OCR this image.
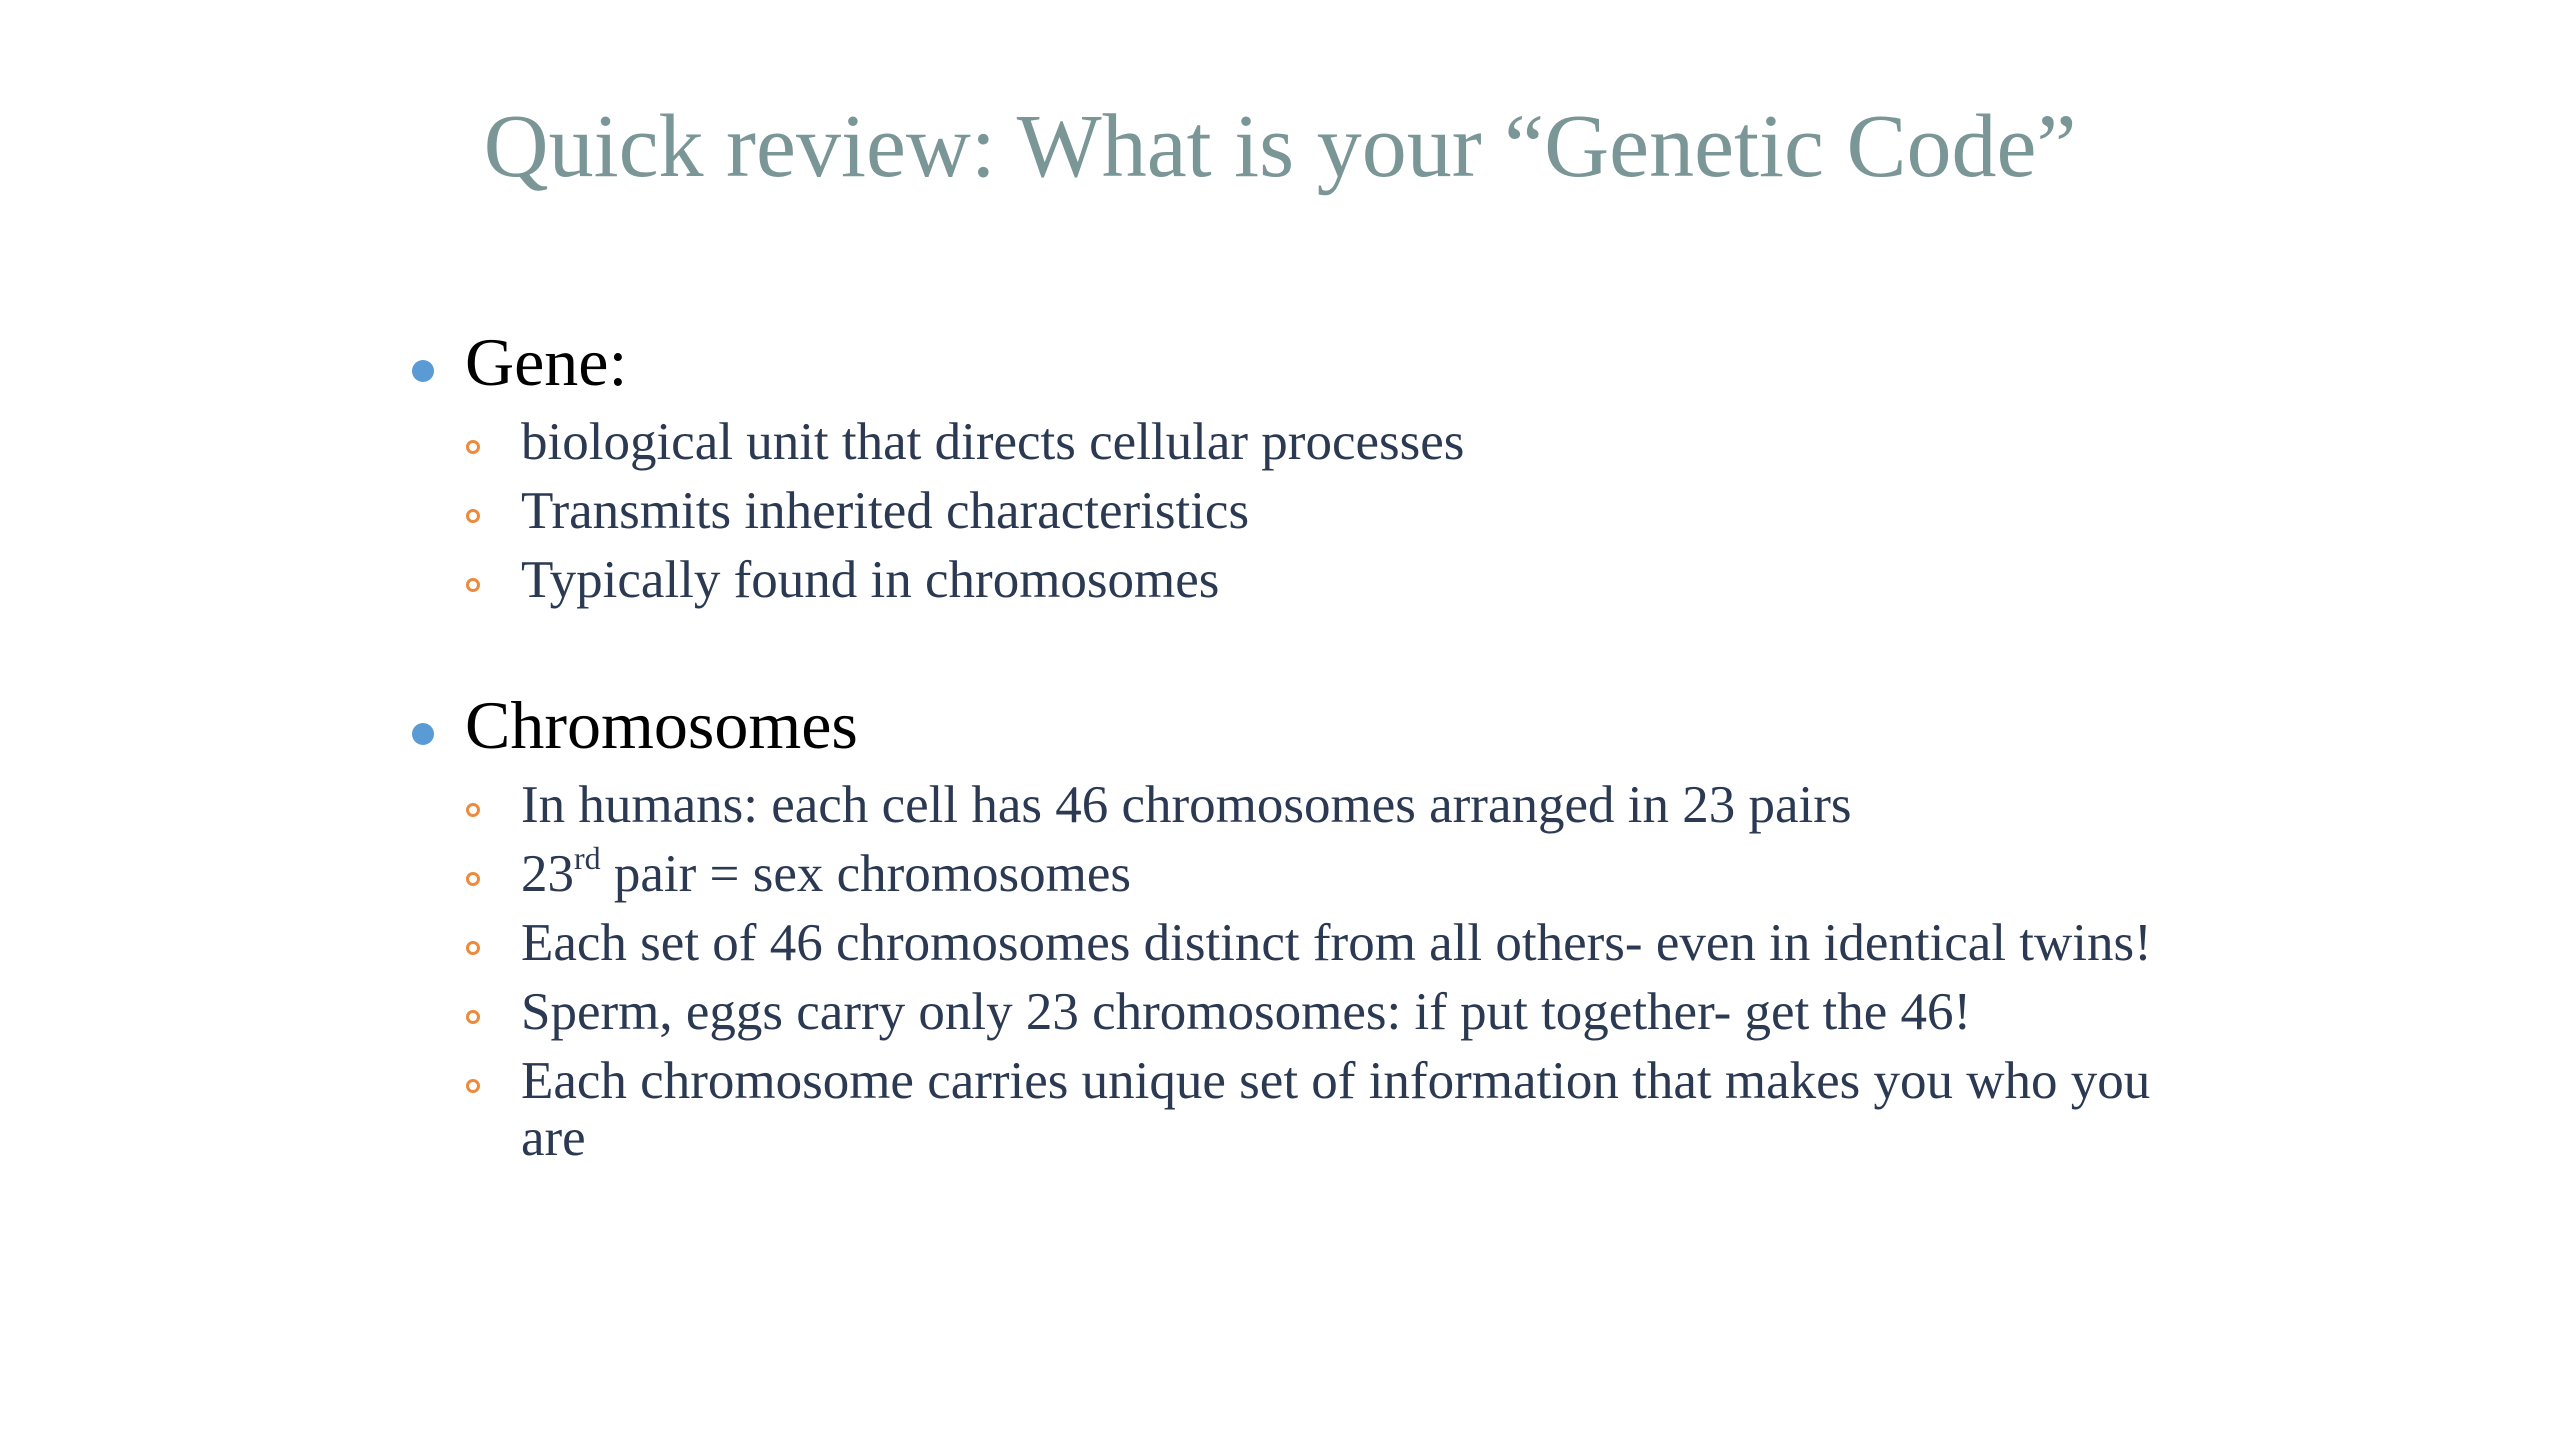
Quick review: What is your “Genetic Code”
Gene:
biological unit that directs cellular processes
Transmits inherited characteristics
Typically found in chromosomes
Chromosomes
In humans: each cell has 46 chromosomes arranged in 23 pairs
23rd pair = sex chromosomes
Each set of 46 chromosomes distinct from all others- even in identical twins!
Sperm, eggs carry only 23 chromosomes: if put together- get the 46!
Each chromosome carries unique set of information that makes you who you are
